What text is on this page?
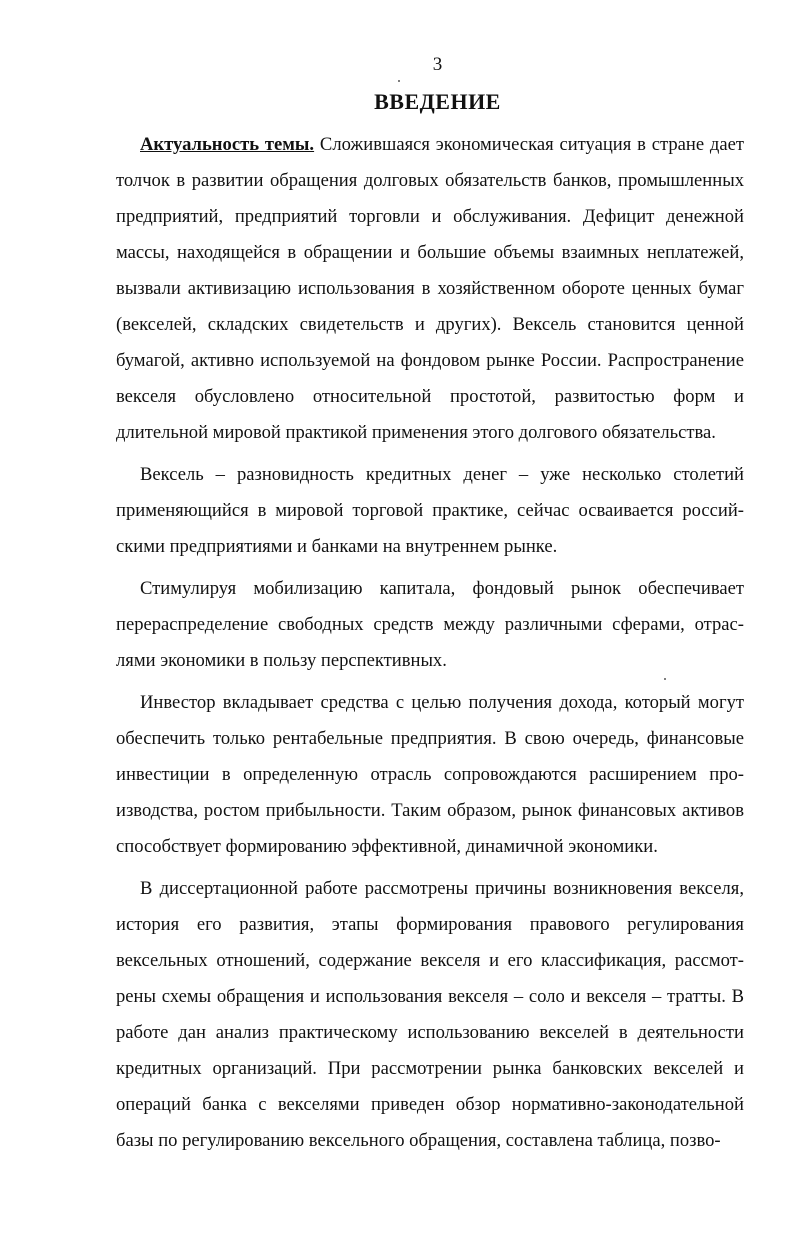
3
ВВЕДЕНИЕ

Актуальность темы. Сложившаяся экономическая ситуация в стране дает толчок в развитии обращения долговых обязательств банков, промышленных предприятий, предприятий торговли и обслуживания. Дефицит денежной массы, находящейся в обращении и большие объемы взаимных неплатежей, вызвали активизацию использования в хозяйственном обороте ценных бумаг (векселей, складских свидетельств и других). Вексель становится ценной бумагой, активно используемой на фондовом рынке России. Распространение векселя обусловлено относительной простотой, развитостью форм и длительной мировой практикой применения этого долгового обязательства.

Вексель – разновидность кредитных денег – уже несколько столетий применяющийся в мировой торговой практике, сейчас осваивается российскими предприятиями и банками на внутреннем рынке.

Стимулируя мобилизацию капитала, фондовый рынок обеспечивает перераспределение свободных средств между различными сферами, отраслями экономики в пользу перспективных.

Инвестор вкладывает средства с целью получения дохода, который могут обеспечить только рентабельные предприятия. В свою очередь, финансовые инвестиции в определенную отрасль сопровождаются расширением производства, ростом прибыльности. Таким образом, рынок финансовых активов способствует формированию эффективной, динамичной экономики.

В диссертационной работе рассмотрены причины возникновения векселя, история его развития, этапы формирования правового регулирования вексельных отношений, содержание векселя и его классификация, рассмотрены схемы обращения и использования векселя – соло и векселя – тратты. В работе дан анализ практическому использованию векселей в деятельности кредитных организаций. При рассмотрении рынка банковских векселей и операций банка с векселями приведен обзор нормативно-законодательной базы по регулированию вексельного обращения, составлена таблица, позво-
